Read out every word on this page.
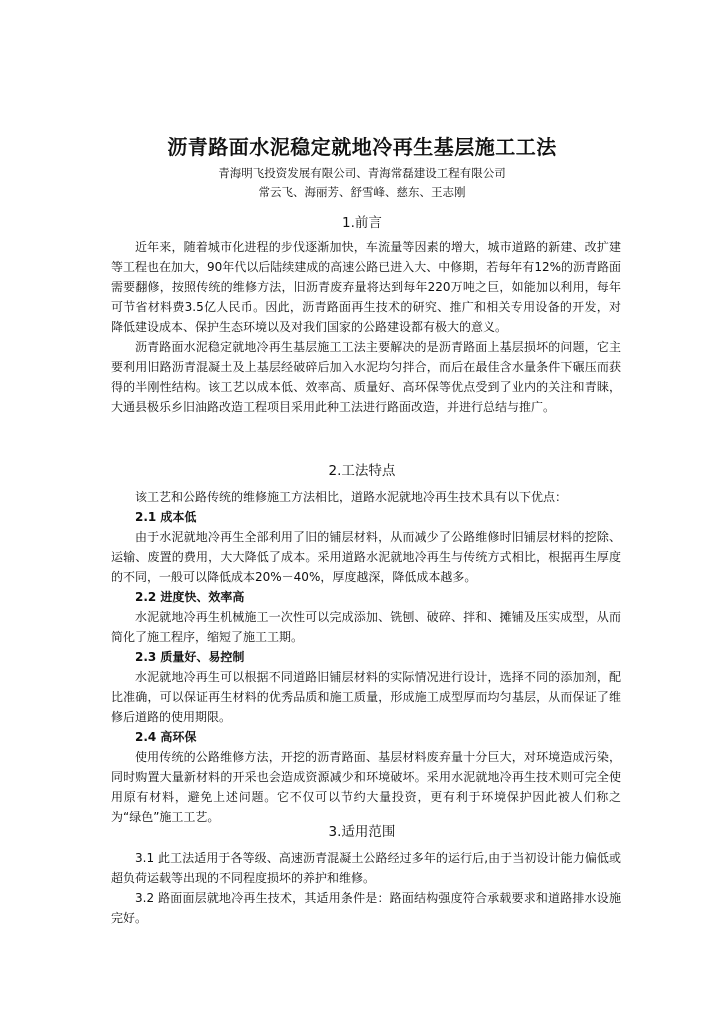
沥青路面水泥稳定就地冷再生基层施工工法
青海明飞投资发展有限公司、青海常磊建设工程有限公司
常云飞、海丽芳、舒雪峰、慈东、王志刚
1.前言

近年来，随着城市化进程的步伐逐渐加快，车流量等因素的增大，城市道路的新建、改扩建等工程也在加大，90年代以后陆续建成的高速公路已进入大、中修期，若每年有12%的沥青路面需要翻修，按照传统的维修方法，旧沥青废弃量将达到每年220万吨之巨，如能加以利用，每年可节省材料费3.5亿人民币。因此，沥青路面再生技术的研究、推广和相关专用设备的开发，对降低建设成本、保护生态环境以及对我们国家的公路建设都有极大的意义。

沥青路面水泥稳定就地冷再生基层施工工法主要解决的是沥青路面上基层损坏的问题，它主要利用旧路沥青混凝土及上基层经破碎后加入水泥均匀拌合，而后在最佳含水量条件下碾压而获得的半刚性结构。该工艺以成本低、效率高、质量好、高环保等优点受到了业内的关注和青睐，大通县极乐乡旧油路改造工程项目采用此种工法进行路面改造，并进行总结与推广。

2.工法特点

该工艺和公路传统的维修施工方法相比，道路水泥就地冷再生技术具有以下优点：

2.1 成本低

由于水泥就地冷再生全部利用了旧的铺层材料，从而减少了公路维修时旧铺层材料的挖除、运输、废置的费用，大大降低了成本。采用道路水泥就地冷再生与传统方式相比，根据再生厚度的不同，一般可以降低成本20%－40%，厚度越深，降低成本越多。

2.2 进度快、效率高

水泥就地冷再生机械施工一次性可以完成添加、铣刨、破碎、拌和、摊铺及压实成型，从而简化了施工程序，缩短了施工工期。

2.3 质量好、易控制

水泥就地冷再生可以根据不同道路旧铺层材料的实际情况进行设计，选择不同的添加剂，配比准确，可以保证再生材料的优秀品质和施工质量，形成施工成型厚而均匀基层，从而保证了维修后道路的使用期限。

2.4 高环保

使用传统的公路维修方法，开挖的沥青路面、基层材料废弃量十分巨大，对环境造成污染，同时购置大量新材料的开采也会造成资源减少和环境破坏。采用水泥就地冷再生技术则可完全使用原有材料，避免上述问题。它不仅可以节约大量投资，更有利于环境保护因此被人们称之为“绿色”施工工艺。

3.适用范围

3.1 此工法适用于各等级、高速沥青混凝土公路经过多年的运行后,由于当初设计能力偏低或超负荷运载等出现的不同程度损坏的养护和维修。

3.2 路面面层就地冷再生技术，其适用条件是：路面结构强度符合承载要求和道路排水设施完好。
